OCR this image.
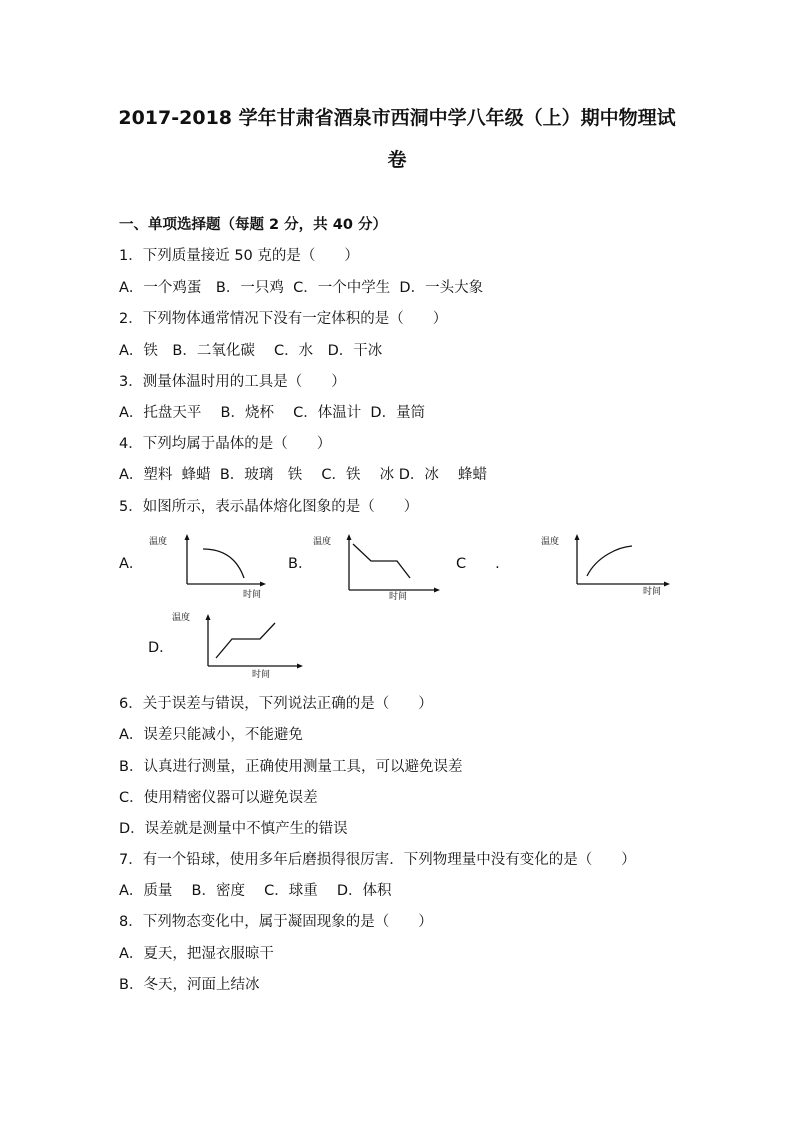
2017-2018 学年甘肃省酒泉市西洞中学八年级（上）期中物理试

卷

一、单项选择题（每题 2 分，共 40 分）
1．下列质量接近 50 克的是（　　）
A．一个鸡蛋　B．一只鸡  C．一个中学生  D．一头大象
2．下列物体通常情况下没有一定体积的是（　　）
A．铁　B．二氧化碳　 C．水　D．干冰
3．测量体温时用的工具是（　　）
A．托盘天平　 B．烧杯　 C．体温计  D．量筒
4．下列均属于晶体的是（　　）
A．塑料  蜂蜡  B．玻璃　铁　 C．铁　 冰 D．冰　 蜂蜡
5．如图所示，表示晶体熔化图象的是（　　）
A．	B．	C　　.
D．
温度
时间
温度
时间
温度
时间
温度
时间
6．关于误差与错误，下列说法正确的是（　　）
A．误差只能减小，不能避免
B．认真进行测量，正确使用测量工具，可以避免误差
C．使用精密仪器可以避免误差
D．误差就是测量中不慎产生的错误
7．有一个铅球，使用多年后磨损得很厉害．下列物理量中没有变化的是（　　）
A．质量　 B．密度　 C．球重　 D．体积
8．下列物态变化中，属于凝固现象的是（　　）
A．夏天，把湿衣服晾干
B．冬天，河面上结冰
